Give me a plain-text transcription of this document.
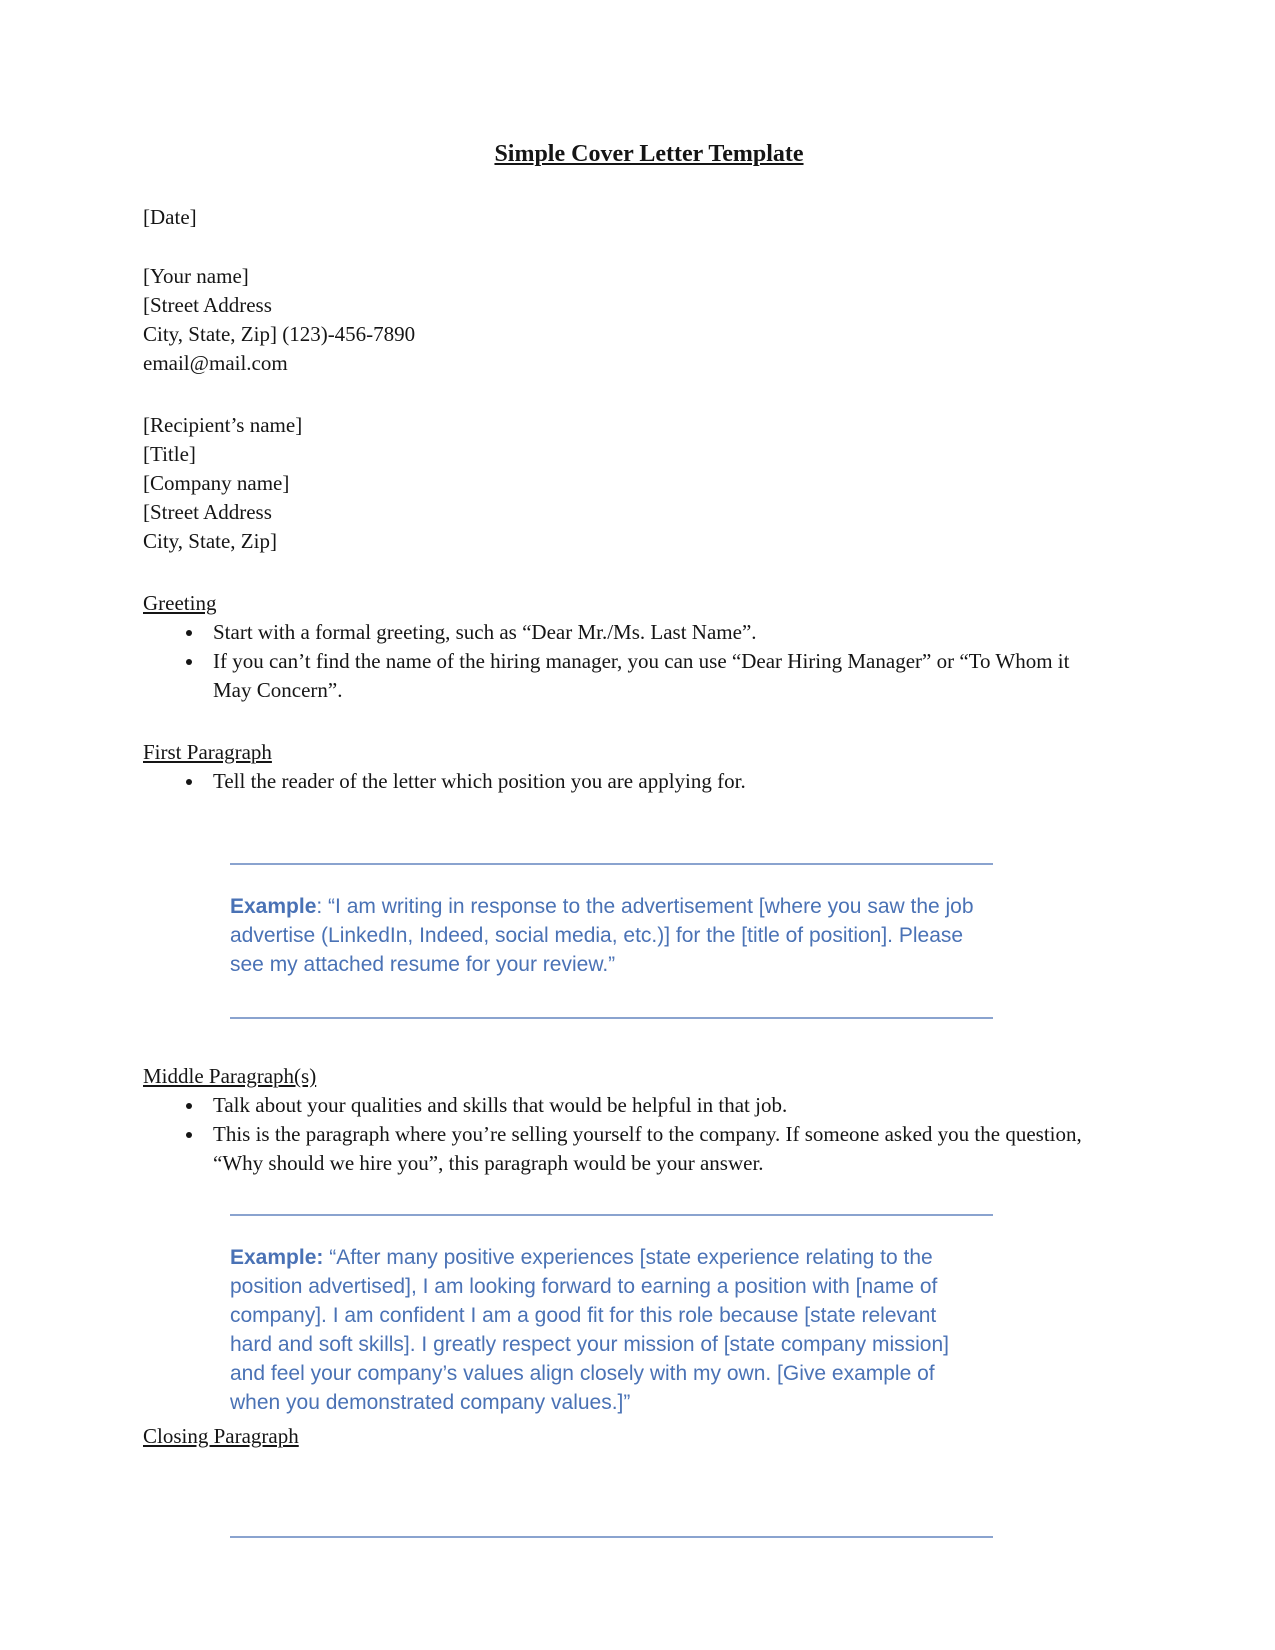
Simple Cover Letter Template

[Date]

[Your name]

[Street Address

City, State, Zip] (123)-456-7890

email@mail.com

[Recipient’s name]

[Title]

[Company name]

[Street Address

City, State, Zip]

Greeting

• Start with a formal greeting, such as “Dear Mr./Ms. Last Name”.
• If you can’t find the name of the hiring manager, you can use “Dear Hiring Manager” or “To Whom it May Concern”.

First Paragraph

• Tell the reader of the letter which position you are applying for.

Example: “I am writing in response to the advertisement [where you saw the job advertise (LinkedIn, Indeed, social media, etc.)] for the [title of position]. Please see my attached resume for your review.”

Middle Paragraph(s)

• Talk about your qualities and skills that would be helpful in that job.
• This is the paragraph where you’re selling yourself to the company. If someone asked you the question, “Why should we hire you”, this paragraph would be your answer.

Example: “After many positive experiences [state experience relating to the position advertised], I am looking forward to earning a position with [name of company]. I am confident I am a good fit for this role because [state relevant hard and soft skills]. I greatly respect your mission of [state company mission] and feel your company’s values align closely with my own. [Give example of when you demonstrated company values.]”

Closing Paragraph
